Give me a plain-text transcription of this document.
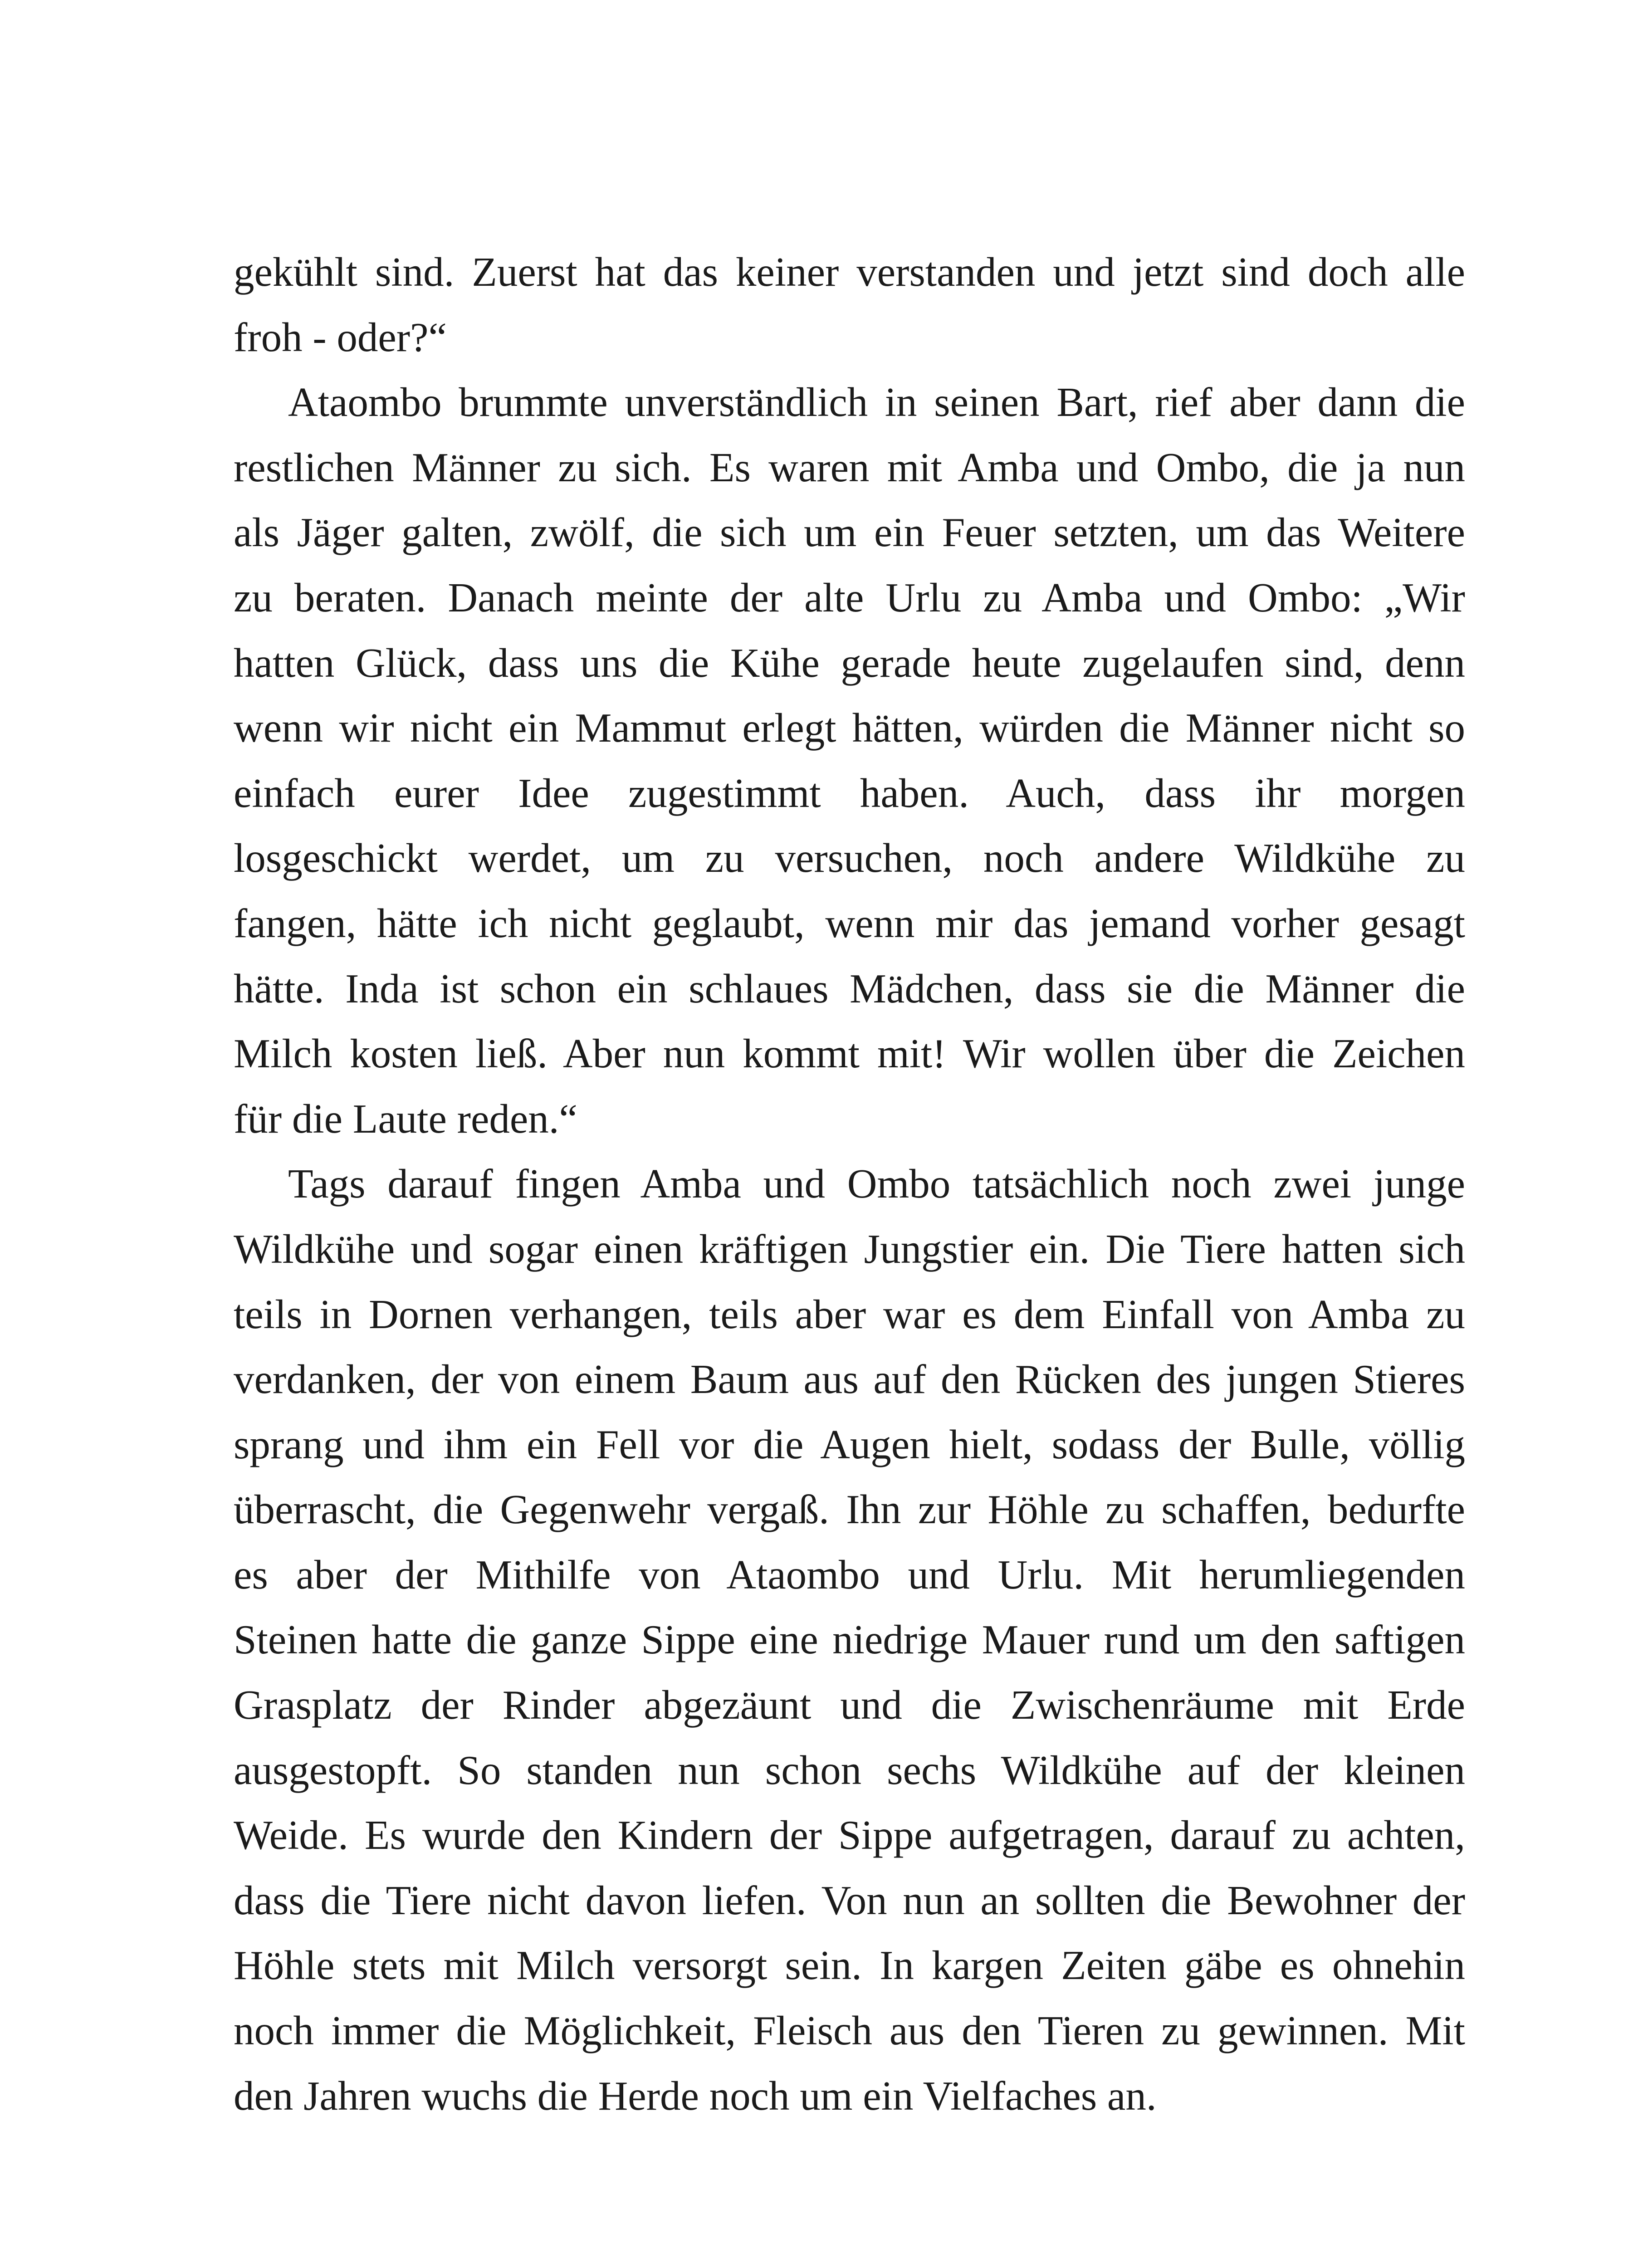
gekühlt sind. Zuerst hat das keiner verstanden und jetzt sind doch alle
froh - oder?“
Ataombo brummte unverständlich in seinen Bart, rief aber dann die
restlichen Männer zu sich. Es waren mit Amba und Ombo, die ja nun
als Jäger galten, zwölf, die sich um ein Feuer setzten, um das Weitere
zu beraten. Danach meinte der alte Urlu zu Amba und Ombo: „Wir
hatten Glück, dass uns die Kühe gerade heute zugelaufen sind, denn
wenn wir nicht ein Mammut erlegt hätten, würden die Männer nicht so
einfach eurer Idee zugestimmt haben. Auch, dass ihr morgen
losgeschickt werdet, um zu versuchen, noch andere Wildkühe zu
fangen, hätte ich nicht geglaubt, wenn mir das jemand vorher gesagt
hätte. Inda ist schon ein schlaues Mädchen, dass sie die Männer die
Milch kosten ließ. Aber nun kommt mit! Wir wollen über die Zeichen
für die Laute reden.“
Tags darauf fingen Amba und Ombo tatsächlich noch zwei junge
Wildkühe und sogar einen kräftigen Jungstier ein. Die Tiere hatten sich
teils in Dornen verhangen, teils aber war es dem Einfall von Amba zu
verdanken, der von einem Baum aus auf den Rücken des jungen Stieres
sprang und ihm ein Fell vor die Augen hielt, sodass der Bulle, völlig
überrascht, die Gegenwehr vergaß. Ihn zur Höhle zu schaffen, bedurfte
es aber der Mithilfe von Ataombo und Urlu. Mit herumliegenden
Steinen hatte die ganze Sippe eine niedrige Mauer rund um den saftigen
Grasplatz der Rinder abgezäunt und die Zwischenräume mit Erde
ausgestopft. So standen nun schon sechs Wildkühe auf der kleinen
Weide. Es wurde den Kindern der Sippe aufgetragen, darauf zu achten,
dass die Tiere nicht davon liefen. Von nun an sollten die Bewohner der
Höhle stets mit Milch versorgt sein. In kargen Zeiten gäbe es ohnehin
noch immer die Möglichkeit, Fleisch aus den Tieren zu gewinnen. Mit
den Jahren wuchs die Herde noch um ein Vielfaches an.
